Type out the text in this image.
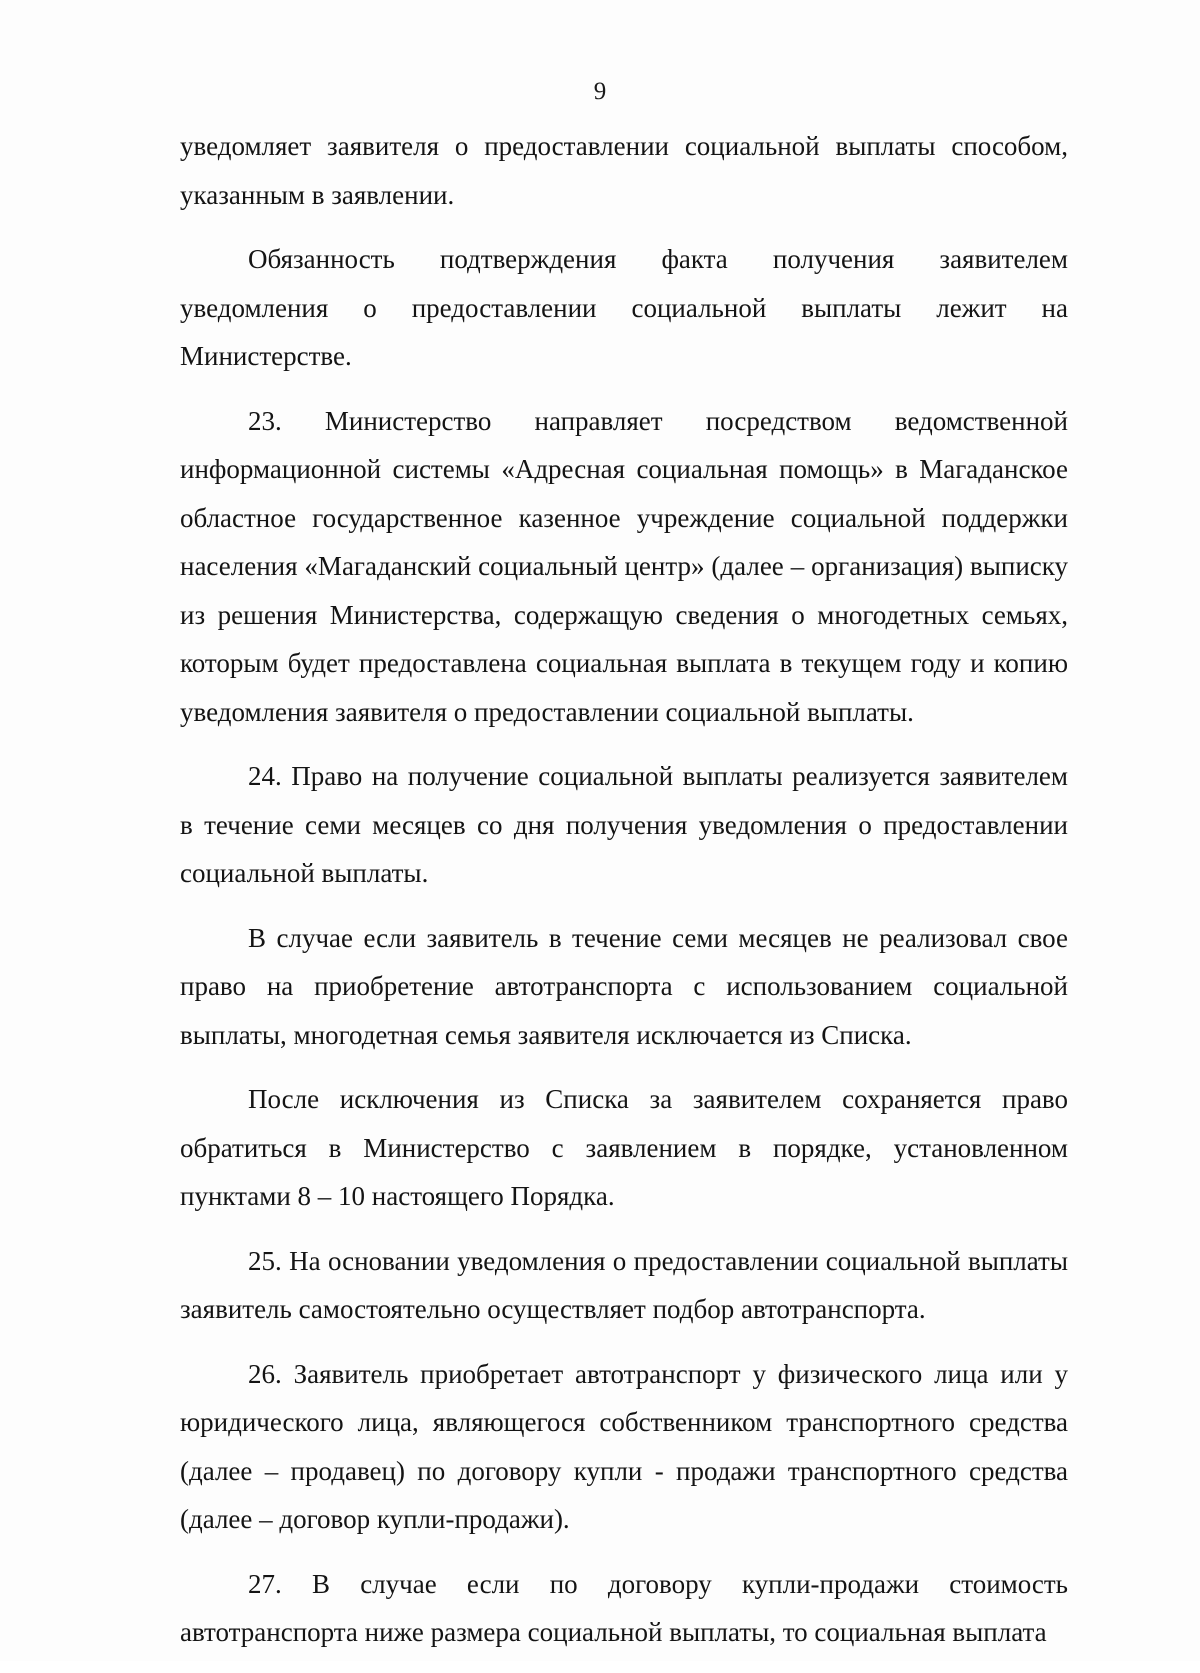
9

уведомляет заявителя о предоставлении социальной выплаты способом, указанным в заявлении.

Обязанность подтверждения факта получения заявителем уведомления о предоставлении социальной выплаты лежит на Министерстве.

23. Министерство направляет посредством ведомственной информационной системы «Адресная социальная помощь» в Магаданское областное государственное казенное учреждение социальной поддержки населения «Магаданский социальный центр» (далее – организация) выписку из решения Министерства, содержащую сведения о многодетных семьях, которым будет предоставлена социальная выплата в текущем году и копию уведомления заявителя о предоставлении социальной выплаты.

24. Право на получение социальной выплаты реализуется заявителем в течение семи месяцев со дня получения уведомления о предоставлении социальной выплаты.

В случае если заявитель в течение семи месяцев не реализовал свое право на приобретение автотранспорта с использованием социальной выплаты, многодетная семья заявителя исключается из Списка.

После исключения из Списка за заявителем сохраняется право обратиться в Министерство с заявлением в порядке, установленном пунктами 8 – 10 настоящего Порядка.

25. На основании уведомления о предоставлении социальной выплаты заявитель самостоятельно осуществляет подбор автотранспорта.

26. Заявитель приобретает автотранспорт у физического лица или у юридического лица, являющегося собственником транспортного средства (далее – продавец) по договору купли - продажи транспортного средства (далее – договор купли-продажи).

27. В случае если по договору купли-продажи стоимость автотранспорта ниже размера социальной выплаты, то социальная выплата
